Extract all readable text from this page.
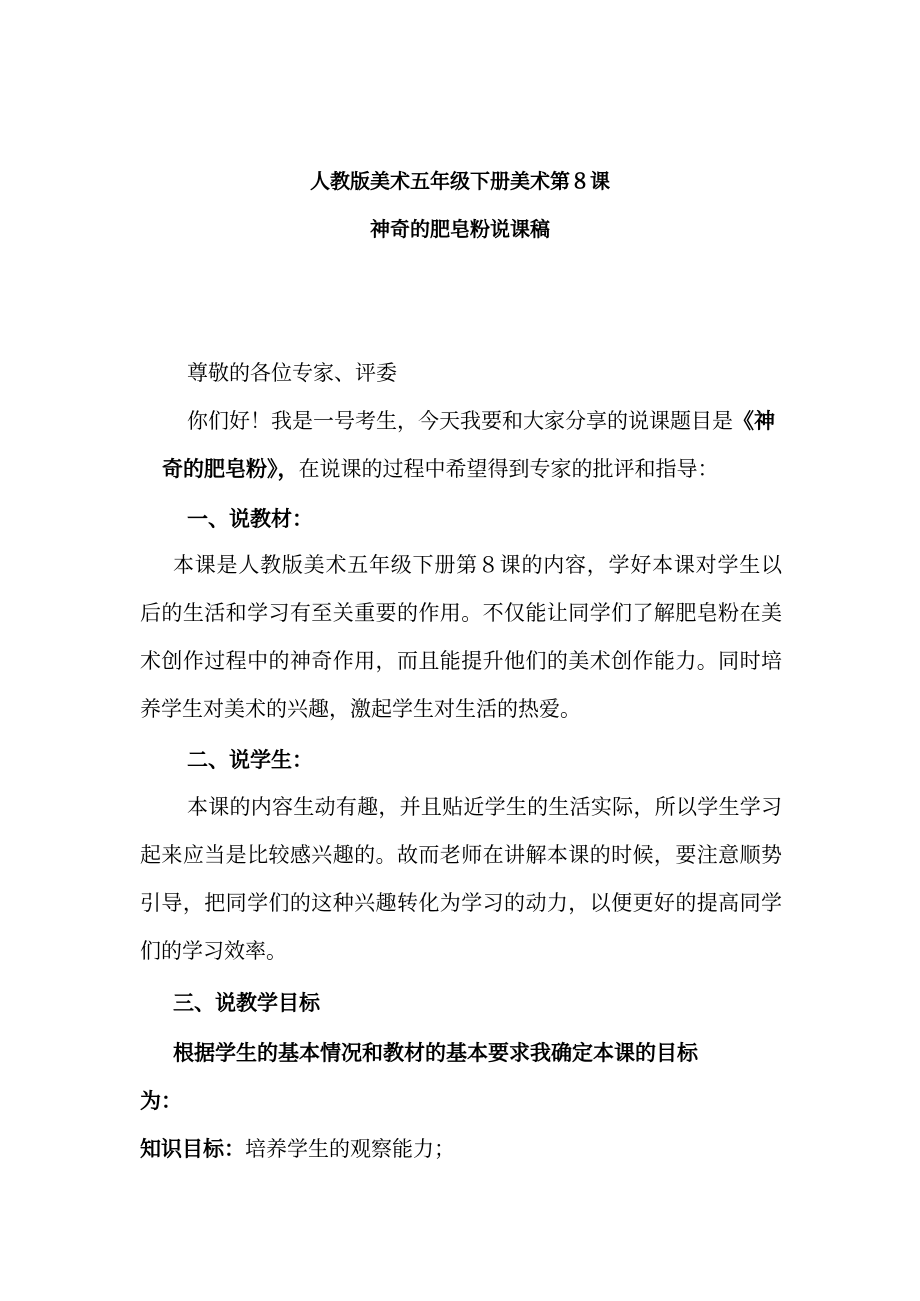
人教版美术五年级下册美术第８课
神奇的肥皂粉说课稿
尊敬的各位专家、评委
你们好！我是一号考生，今天我要和大家分享的说课题目是《神
奇的肥皂粉》，在说课的过程中希望得到专家的批评和指导：
一、说教材：
本课是人教版美术五年级下册第８课的内容，学好本课对学生以
后的生活和学习有至关重要的作用。不仅能让同学们了解肥皂粉在美
术创作过程中的神奇作用，而且能提升他们的美术创作能力。同时培
养学生对美术的兴趣，激起学生对生活的热爱。
二、说学生：
本课的内容生动有趣，并且贴近学生的生活实际，所以学生学习
起来应当是比较感兴趣的。故而老师在讲解本课的时候，要注意顺势
引导，把同学们的这种兴趣转化为学习的动力，以便更好的提高同学
们的学习效率。
三、说教学目标
根据学生的基本情况和教材的基本要求我确定本课的目标
为：
知识目标：培养学生的观察能力；
